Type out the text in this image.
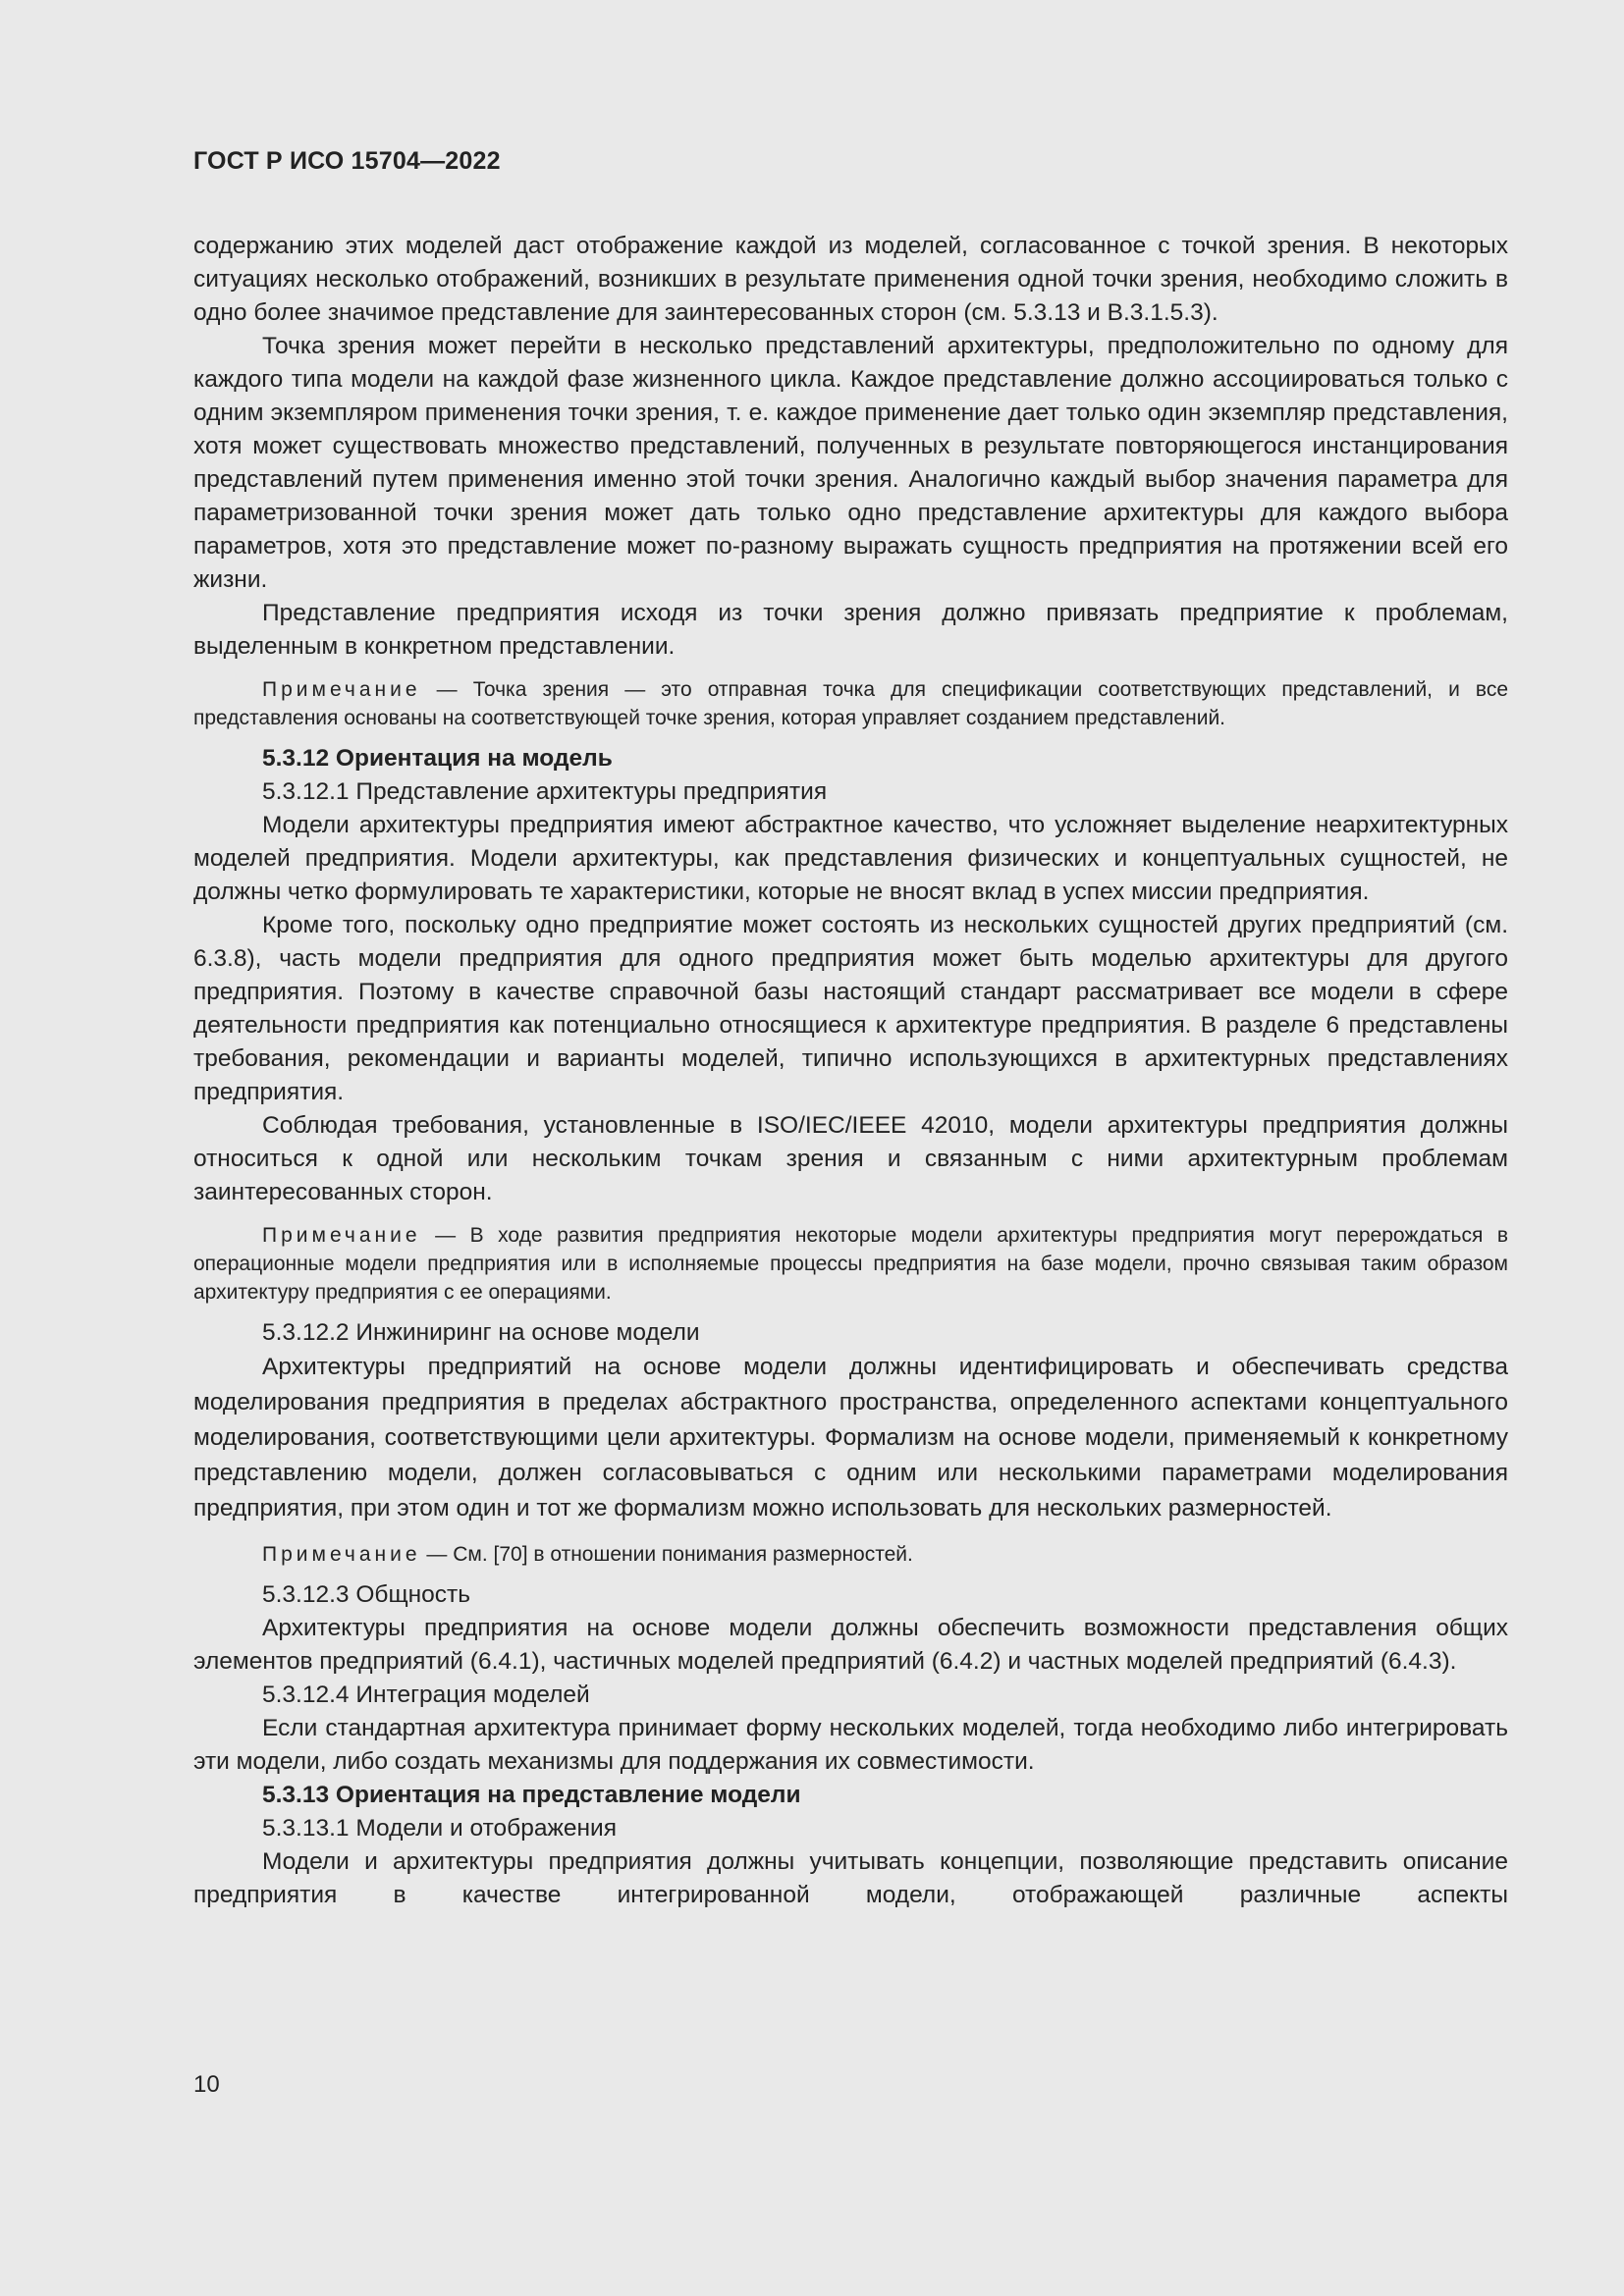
ГОСТ Р ИСО 15704—2022

содержанию этих моделей даст отображение каждой из моделей, согласованное с точкой зрения. В некоторых ситуациях несколько отображений, возникших в результате применения одной точки зрения, необходимо сложить в одно более значимое представление для заинтересованных сторон (см. 5.3.13 и В.3.1.5.3).

Точка зрения может перейти в несколько представлений архитектуры, предположительно по одному для каждого типа модели на каждой фазе жизненного цикла. Каждое представление должно ассоциироваться только с одним экземпляром применения точки зрения, т. е. каждое применение дает только один экземпляр представления, хотя может существовать множество представлений, полученных в результате повторяющегося инстанцирования представлений путем применения именно этой точки зрения. Аналогично каждый выбор значения параметра для параметризованной точки зрения может дать только одно представление архитектуры для каждого выбора параметров, хотя это представление может по-разному выражать сущность предприятия на протяжении всей его жизни.

Представление предприятия исходя из точки зрения должно привязать предприятие к проблемам, выделенным в конкретном представлении.

Примечание — Точка зрения — это отправная точка для спецификации соответствующих представлений, и все представления основаны на соответствующей точке зрения, которая управляет созданием представлений.

5.3.12 Ориентация на модель

5.3.12.1 Представление архитектуры предприятия

Модели архитектуры предприятия имеют абстрактное качество, что усложняет выделение неархитектурных моделей предприятия. Модели архитектуры, как представления физических и концептуальных сущностей, не должны четко формулировать те характеристики, которые не вносят вклад в успех миссии предприятия.

Кроме того, поскольку одно предприятие может состоять из нескольких сущностей других предприятий (см. 6.3.8), часть модели предприятия для одного предприятия может быть моделью архитектуры для другого предприятия. Поэтому в качестве справочной базы настоящий стандарт рассматривает все модели в сфере деятельности предприятия как потенциально относящиеся к архитектуре предприятия. В разделе 6 представлены требования, рекомендации и варианты моделей, типично использующихся в архитектурных представлениях предприятия.

Соблюдая требования, установленные в ISO/IEC/IEEE 42010, модели архитектуры предприятия должны относиться к одной или нескольким точкам зрения и связанным с ними архитектурным проблемам заинтересованных сторон.

Примечание — В ходе развития предприятия некоторые модели архитектуры предприятия могут перерождаться в операционные модели предприятия или в исполняемые процессы предприятия на базе модели, прочно связывая таким образом архитектуру предприятия с ее операциями.

5.3.12.2 Инжиниринг на основе модели

Архитектуры предприятий на основе модели должны идентифицировать и обеспечивать средства моделирования предприятия в пределах абстрактного пространства, определенного аспектами концептуального моделирования, соответствующими цели архитектуры. Формализм на основе модели, применяемый к конкретному представлению модели, должен согласовываться с одним или несколькими параметрами моделирования предприятия, при этом один и тот же формализм можно использовать для нескольких размерностей.

Примечание — См. [70] в отношении понимания размерностей.

5.3.12.3 Общность

Архитектуры предприятия на основе модели должны обеспечить возможности представления общих элементов предприятий (6.4.1), частичных моделей предприятий (6.4.2) и частных моделей предприятий (6.4.3).

5.3.12.4 Интеграция моделей

Если стандартная архитектура принимает форму нескольких моделей, тогда необходимо либо интегрировать эти модели, либо создать механизмы для поддержания их совместимости.

5.3.13 Ориентация на представление модели

5.3.13.1 Модели и отображения

Модели и архитектуры предприятия должны учитывать концепции, позволяющие представить описание предприятия в качестве интегрированной модели, отображающей различные аспекты

10
